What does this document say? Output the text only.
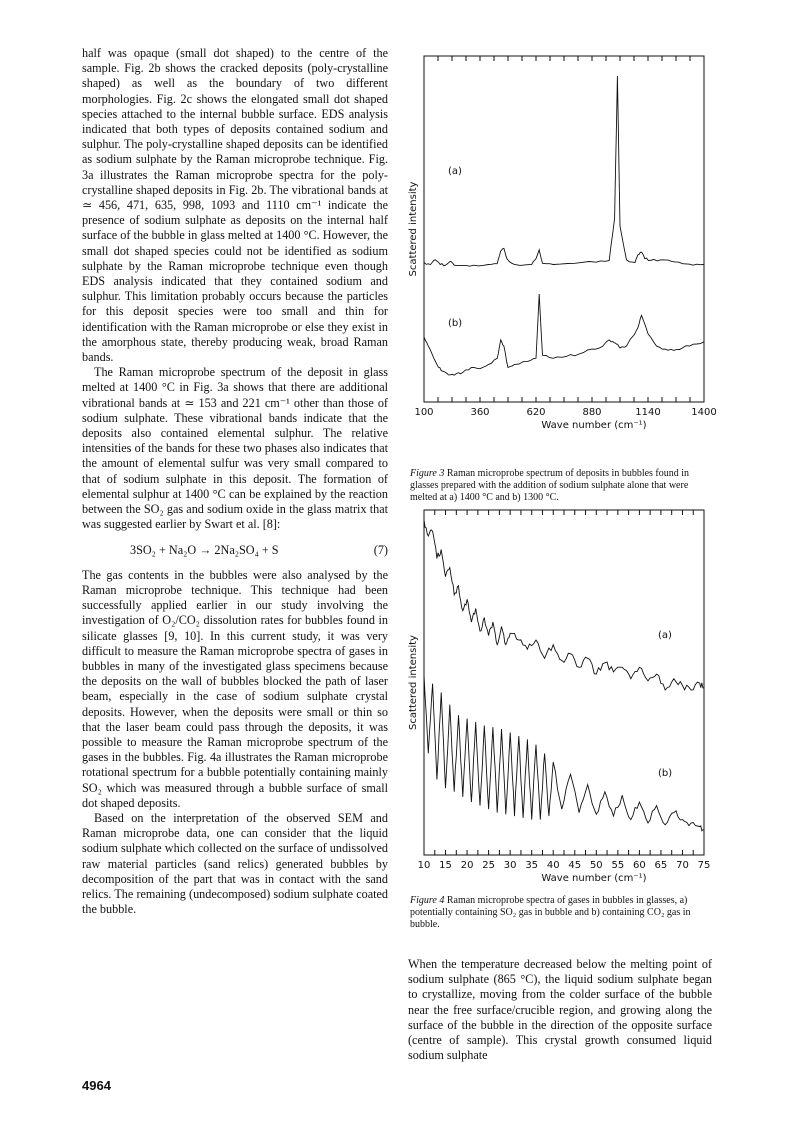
half was opaque (small dot shaped) to the centre of the sample. Fig. 2b shows the cracked deposits (poly-crystalline shaped) as well as the boundary of two different morphologies. Fig. 2c shows the elongated small dot shaped species attached to the internal bubble surface. EDS analysis indicated that both types of deposits contained sodium and sulphur. The poly-crystalline shaped deposits can be identified as sodium sulphate by the Raman microprobe technique. Fig. 3a illustrates the Raman microprobe spectra for the poly-crystalline shaped deposits in Fig. 2b. The vibrational bands at ≃ 456, 471, 635, 998, 1093 and 1110 cm⁻¹ indicate the presence of sodium sulphate as deposits on the internal half surface of the bubble in glass melted at 1400 °C. However, the small dot shaped species could not be identified as sodium sulphate by the Raman microprobe technique even though EDS analysis indicated that they contained sodium and sulphur. This limitation probably occurs because the particles for this deposit species were too small and thin for identification with the Raman microprobe or else they exist in the amorphous state, thereby producing weak, broad Raman bands.

The Raman microprobe spectrum of the deposit in glass melted at 1400 °C in Fig. 3a shows that there are additional vibrational bands at ≃ 153 and 221 cm⁻¹ other than those of sodium sulphate. These vibrational bands indicate that the deposits also contained elemental sulphur. The relative intensities of the bands for these two phases also indicates that the amount of elemental sulfur was very small compared to that of sodium sulphate in this deposit. The formation of elemental sulphur at 1400 °C can be explained by the reaction between the SO₂ gas and sodium oxide in the glass matrix that was suggested earlier by Swart et al. [8]:

3SO₂ + Na₂O → 2Na₂SO₄ + S	(7)

The gas contents in the bubbles were also analysed by the Raman microprobe technique. This technique had been successfully applied earlier in our study involving the investigation of O₂/CO₂ dissolution rates for bubbles found in silicate glasses [9, 10]. In this current study, it was very difficult to measure the Raman microprobe spectra of gases in bubbles in many of the investigated glass specimens because the deposits on the wall of bubbles blocked the path of laser beam, especially in the case of sodium sulphate crystal deposits. However, when the deposits were small or thin so that the laser beam could pass through the deposits, it was possible to measure the Raman microprobe spectrum of the gases in the bubbles. Fig. 4a illustrates the Raman microprobe rotational spectrum for a bubble potentially containing mainly SO₂ which was measured through a bubble surface of small dot shaped deposits.

Based on the interpretation of the observed SEM and Raman microprobe data, one can consider that the liquid sodium sulphate which collected on the surface of undissolved raw material particles (sand relics) generated bubbles by decomposition of the part that was in contact with the sand relics. The remaining (undecomposed) sodium sulphate coated the bubble.

100	360	620	880	1140	1400
Wave number (cm⁻¹)
Scattered intensity
(a)
(b)
Figure 3 Raman microprobe spectrum of deposits in bubbles found in glasses prepared with the addition of sodium sulphate alone that were melted at a) 1400 °C and b) 1300 °C.
10 15 20 25 30 35 40 45 50 55 60 65 70 75
Wave number (cm⁻¹)
Scattered intensity	(a)
(b)
Figure 4 Raman microprobe spectra of gases in bubbles in glasses, a) potentially containing SO₂ gas in bubble and b) containing CO₂ gas in bubble.
When the temperature decreased below the melting point of sodium sulphate (865 °C), the liquid sodium sulphate began to crystallize, moving from the colder surface of the bubble near the free surface/crucible region, and growing along the surface of the bubble in the direction of the opposite surface (centre of sample). This crystal growth consumed liquid sodium sulphate
4964
